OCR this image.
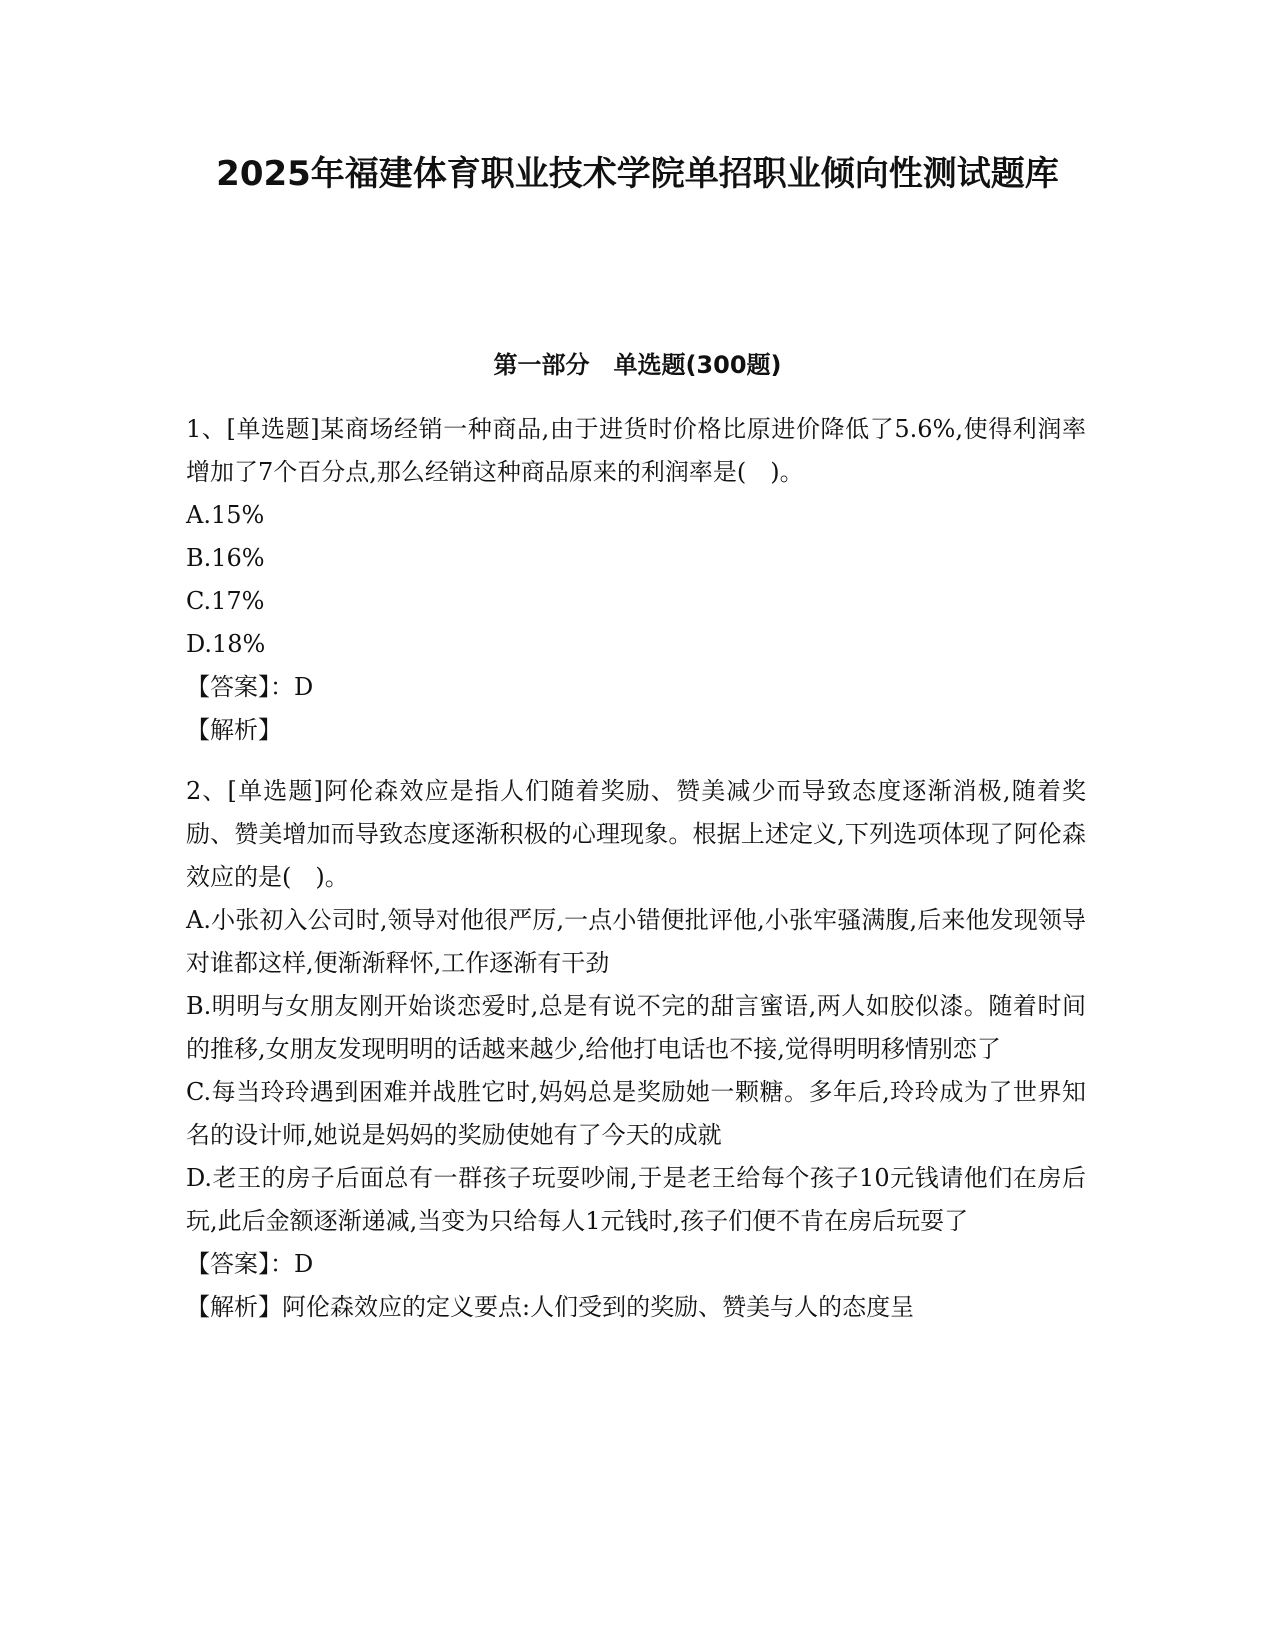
2025年福建体育职业技术学院单招职业倾向性测试题库
第一部分　单选题(300题)

1、[单选题]某商场经销一种商品,由于进货时价格比原进价降低了5.6%,使得利润率增加了7个百分点,那么经销这种商品原来的利润率是(　)。

A.15%

B.16%

C.17%

D.18%

【答案】：D

【解析】

2、[单选题]阿伦森效应是指人们随着奖励、赞美减少而导致态度逐渐消极,随着奖励、赞美增加而导致态度逐渐积极的心理现象。根据上述定义,下列选项体现了阿伦森效应的是(　)。

A.小张初入公司时,领导对他很严厉,一点小错便批评他,小张牢骚满腹,后来他发现领导对谁都这样,便渐渐释怀,工作逐渐有干劲

B.明明与女朋友刚开始谈恋爱时,总是有说不完的甜言蜜语,两人如胶似漆。随着时间的推移,女朋友发现明明的话越来越少,给他打电话也不接,觉得明明移情别恋了

C.每当玲玲遇到困难并战胜它时,妈妈总是奖励她一颗糖。多年后,玲玲成为了世界知名的设计师,她说是妈妈的奖励使她有了今天的成就

D.老王的房子后面总有一群孩子玩耍吵闹,于是老王给每个孩子10元钱请他们在房后玩,此后金额逐渐递减,当变为只给每人1元钱时,孩子们便不肯在房后玩耍了

【答案】：D

【解析】阿伦森效应的定义要点:人们受到的奖励、赞美与人的态度呈
